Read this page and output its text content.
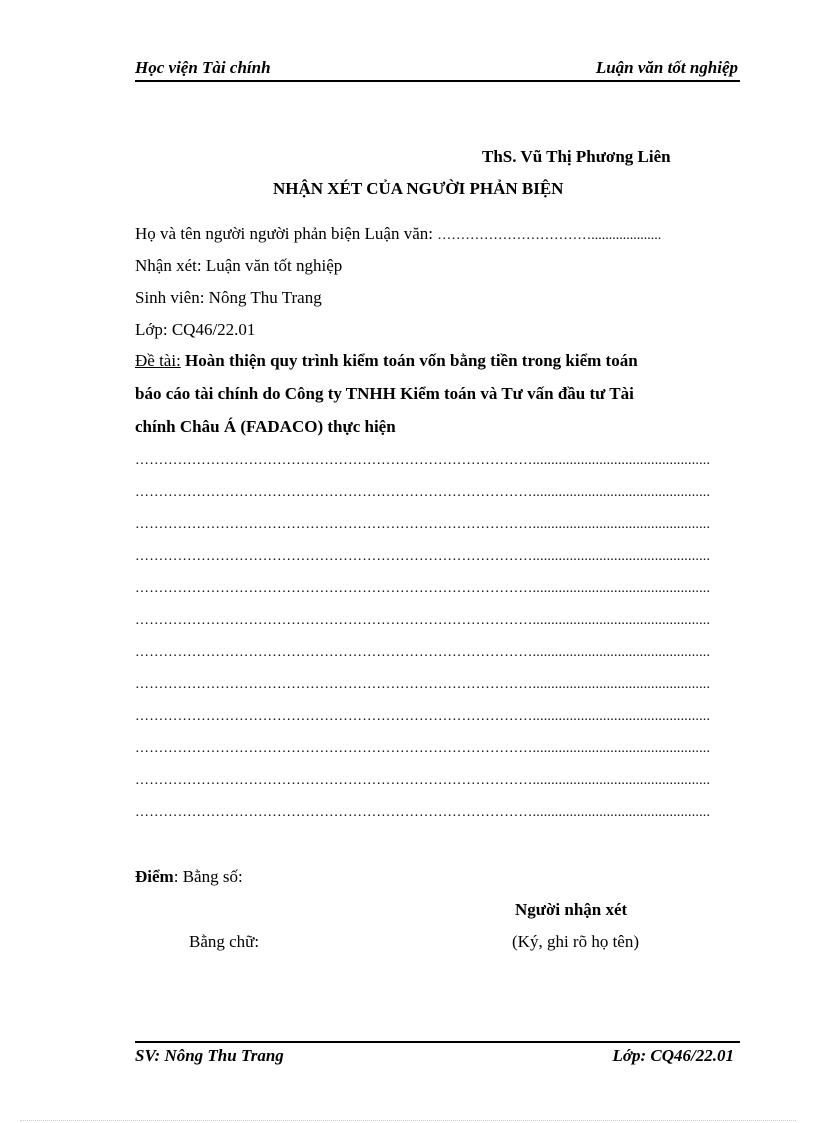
Học viện Tài chính	Luận văn tốt nghiệp
ThS. Vũ Thị Phương Liên
NHẬN XÉT CỦA NGƯỜI PHẢN BIỆN
Họ và tên người người phản biện Luận văn: ……………………………....................
Nhận xét: Luận văn tốt nghiệp
Sinh viên: Nông Thu Trang
Lớp: CQ46/22.01
Đề tài: Hoàn thiện quy trình kiểm toán vốn bằng tiền trong kiểm toán
báo cáo tài chính do Công ty TNHH Kiểm toán và Tư vấn đầu tư Tài
chính Châu Á (FADACO) thực hiện
…………………………………………………………………………................................................
…………………………………………………………………………................................................
…………………………………………………………………………................................................
…………………………………………………………………………................................................
…………………………………………………………………………................................................
…………………………………………………………………………................................................
…………………………………………………………………………................................................
…………………………………………………………………………................................................
…………………………………………………………………………................................................
…………………………………………………………………………................................................
…………………………………………………………………………................................................
…………………………………………………………………………................................................
Điểm: Bằng số:
Bằng chữ:
Người nhận xét
(Ký, ghi rõ họ tên)
SV: Nông Thu Trang	Lớp: CQ46/22.01
